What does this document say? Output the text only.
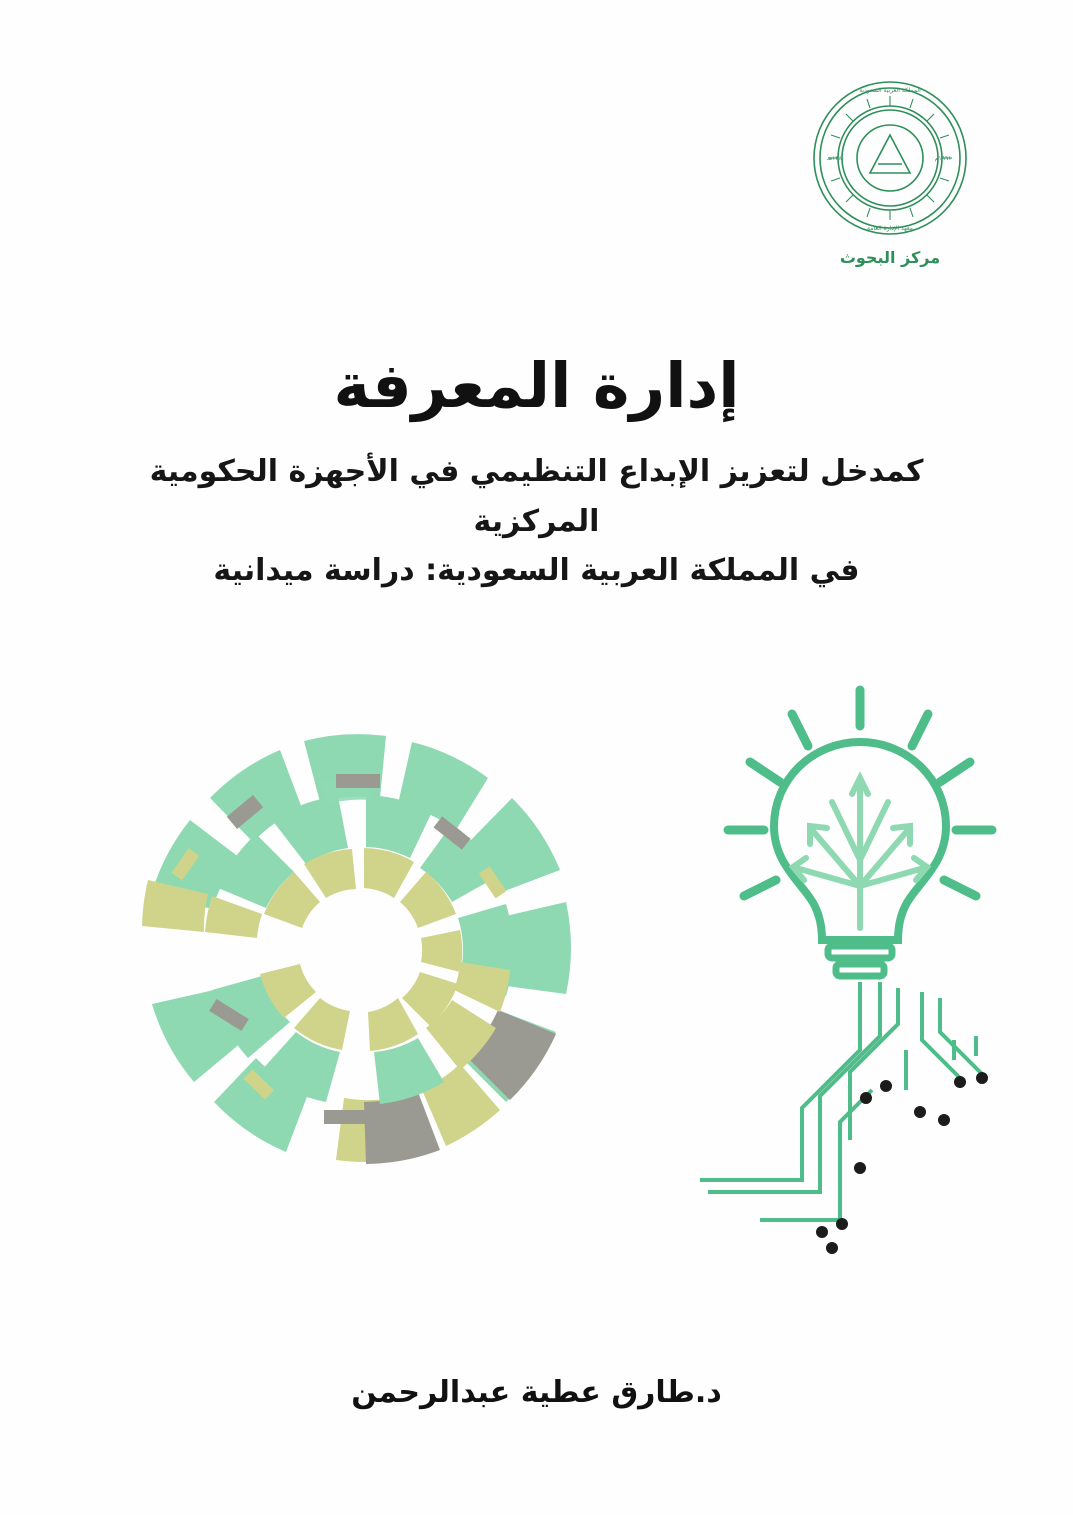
المملكة العربية السعودية
١٣٨٠هـ	١٩٦١م
معهد الإدارة العامة
مركز البحوث
إدارة المعرفة

كمدخل لتعزيز الإبداع التنظيمي في الأجهزة الحكومية المركزية
في المملكة العربية السعودية: دراسة ميدانية

د.طارق عطية عبدالرحمن
